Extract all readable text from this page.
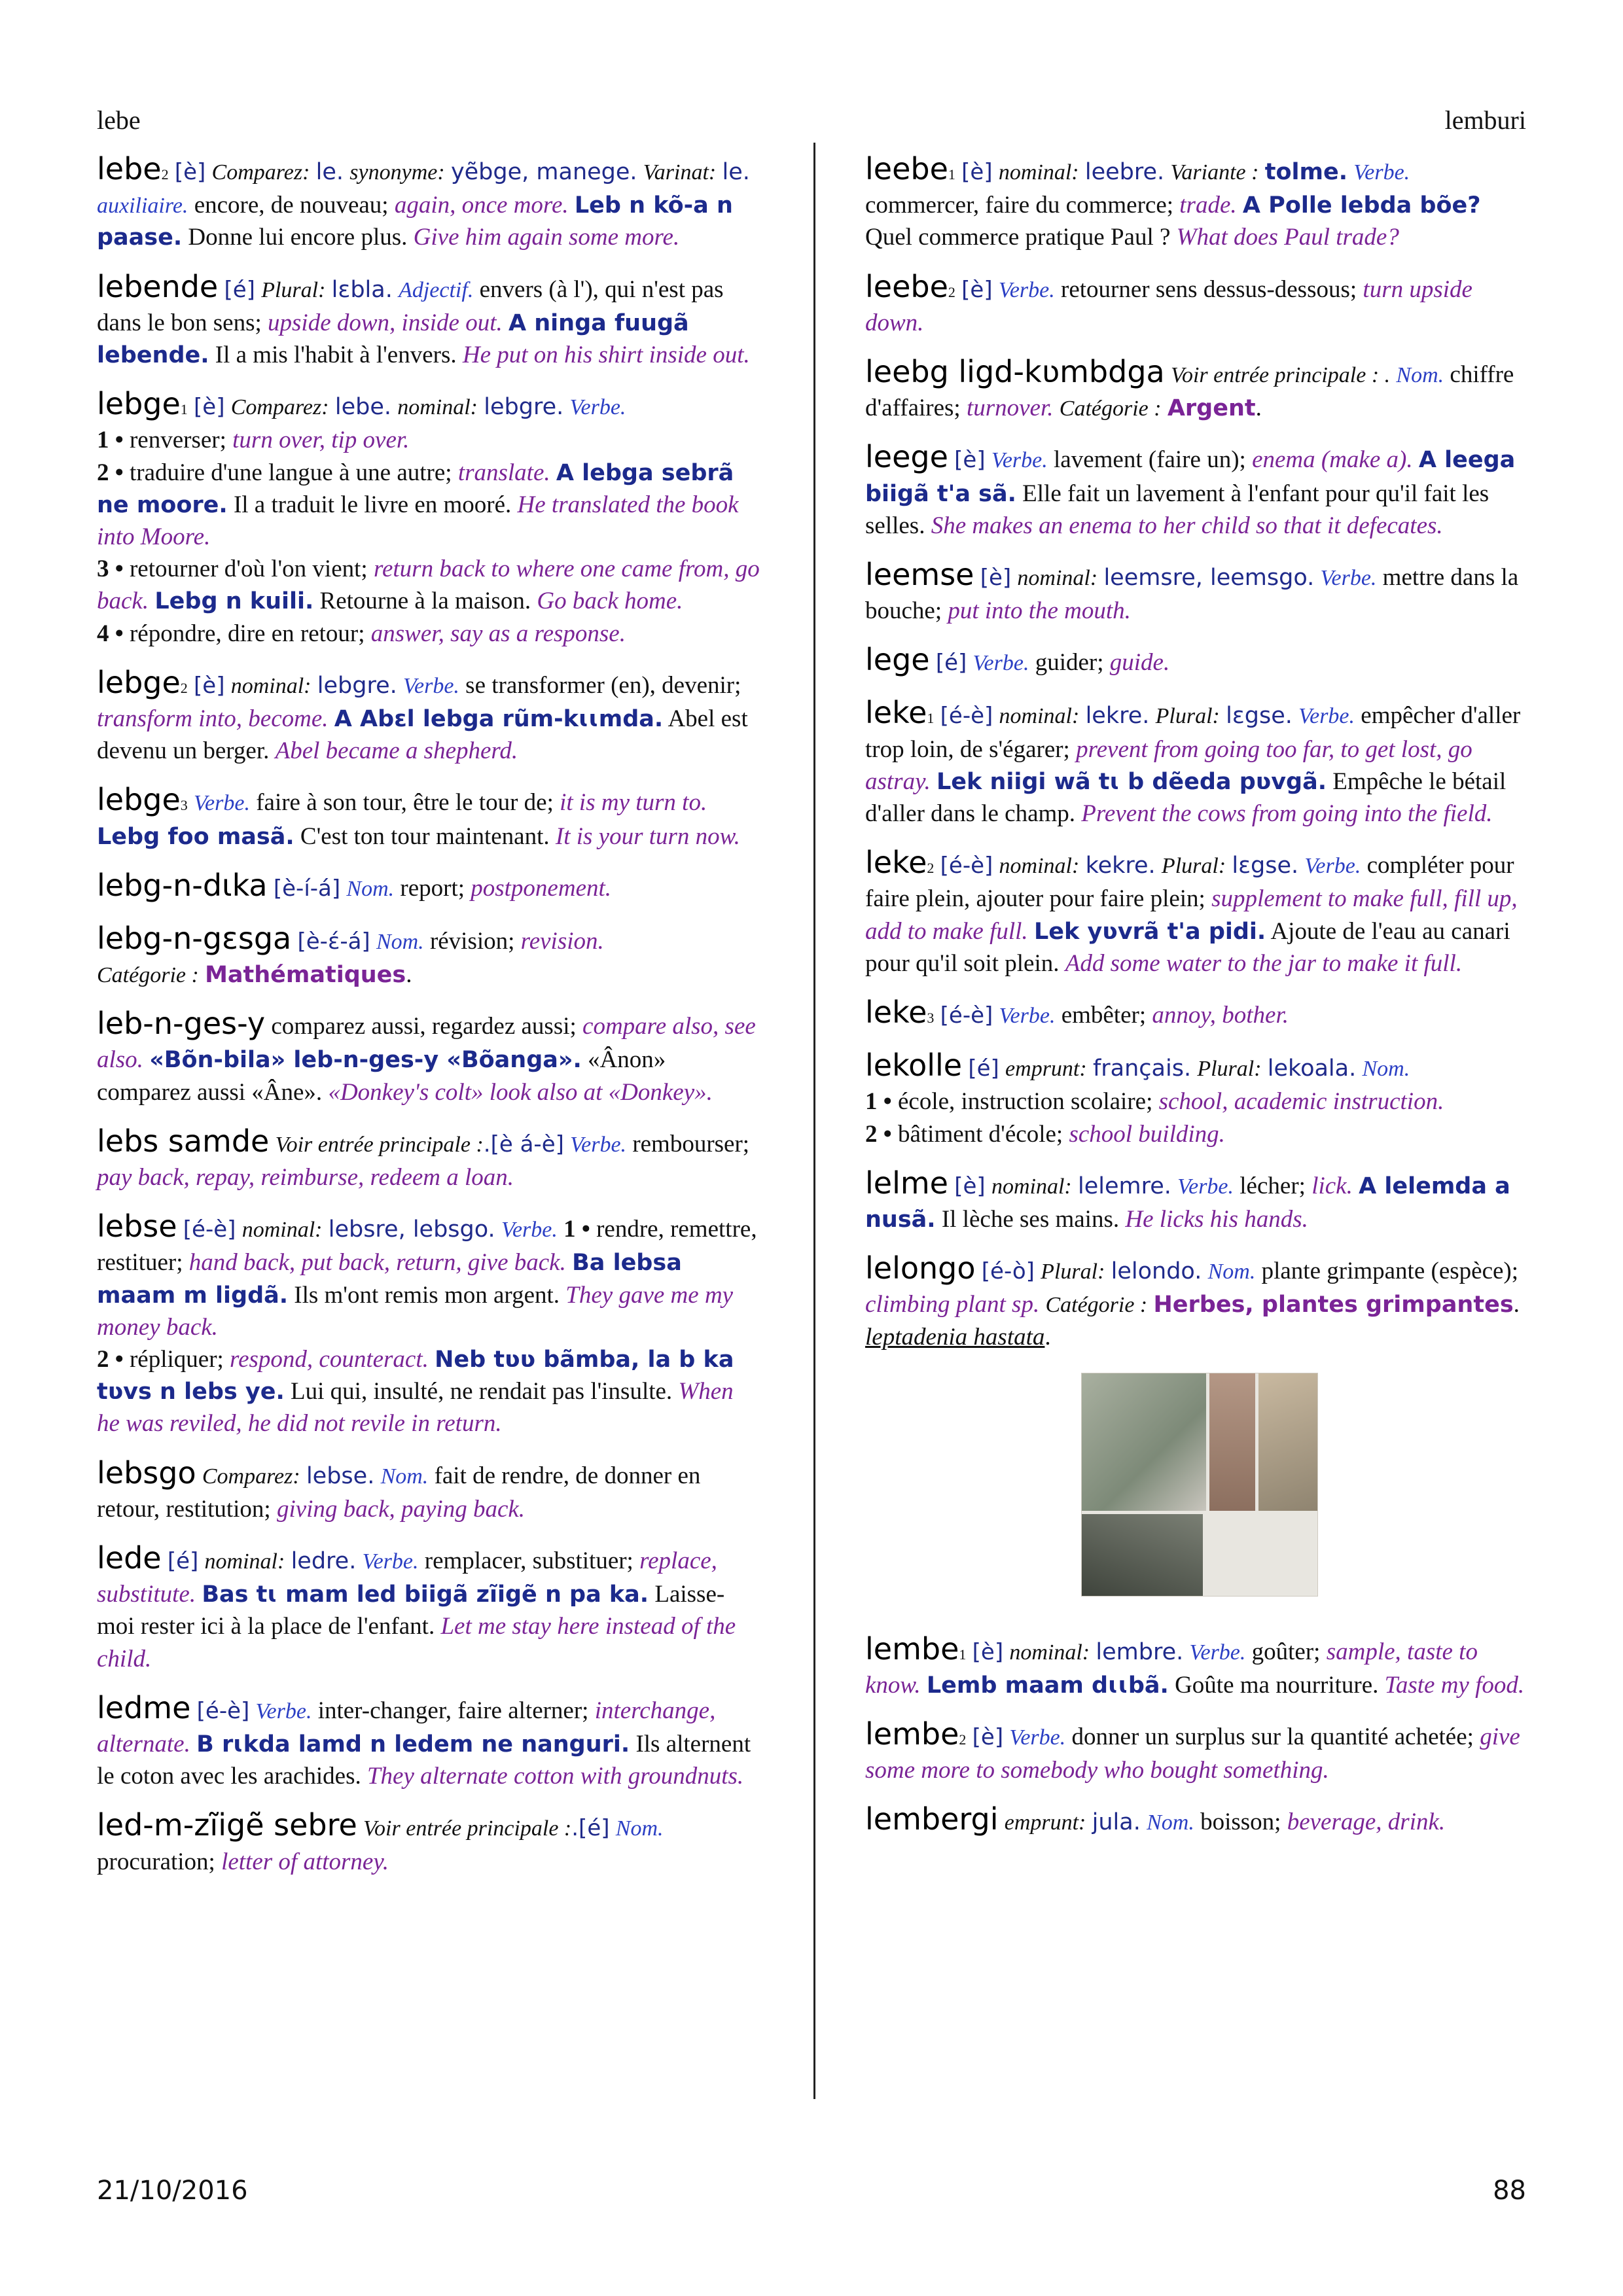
lebe	lemburi
lebe2 [è] Comparez: le. synonyme: yẽbge, manege. Varinat: le. auxiliaire. encore, de nouveau; again, once more. Leb n kõ-a n paase. Donne lui encore plus. Give him again some more.
lebende [é] Plural: lɛbla. Adjectif. envers (à l'), qui n'est pas dans le bon sens; upside down, inside out. A ninga fuugã lebende. Il a mis l'habit à l'envers. He put on his shirt inside out.
lebge1 [è] Comparez: lebe. nominal: lebgre. Verbe.
1 • renverser; turn over, tip over.
2 • traduire d'une langue à une autre; translate. A lebga sebrã ne moore. Il a traduit le livre en mooré. He translated the book into Moore.
3 • retourner d'où l'on vient; return back to where one came from, go back. Lebg n kuili. Retourne à la maison. Go back home.
4 • répondre, dire en retour; answer, say as a response.
lebge2 [è] nominal: lebgre. Verbe. se transformer (en), devenir; transform into, become. A Abɛl lebga rũm-kɩɩmda. Abel est devenu un berger. Abel became a shepherd.
lebge3 Verbe. faire à son tour, être le tour de; it is my turn to. Lebg foo masã. C'est ton tour maintenant. It is your turn now.
lebg-n-dɩka [è-í-á] Nom. report; postponement.
lebg-n-gɛsga [è-ɛ́-á] Nom. révision; revision.
Catégorie : Mathématiques.
leb-n-ges-y comparez aussi, regardez aussi; compare also, see also. «Bõn-bila» leb-n-ges-y «Bõanga». «Ânon» comparez aussi «Âne». «Donkey's colt» look also at «Donkey».
lebs samde Voir entrée principale :.[è á-è] Verbe. rembourser; pay back, repay, reimburse, redeem a loan.
lebse [é-è] nominal: lebsre, lebsgo. Verbe. 1 • rendre, remettre, restituer; hand back, put back, return, give back. Ba lebsa maam m ligdã. Ils m'ont remis mon argent. They gave me my money back.
2 • répliquer; respond, counteract. Neb tʋʋ bãmba, la b ka tʋvs n lebs ye. Lui qui, insulté, ne rendait pas l'insulte. When he was reviled, he did not revile in return.
lebsgo Comparez: lebse. Nom. fait de rendre, de donner en retour, restitution; giving back, paying back.
lede [é] nominal: ledre. Verbe. remplacer, substituer; replace, substitute. Bas tɩ mam led biigã zĩigẽ n pa ka. Laisse-moi rester ici à la place de l'enfant. Let me stay here instead of the child.
ledme [é-è] Verbe. inter-changer, faire alterner; interchange, alternate. B rɩkda lamd n ledem ne nanguri. Ils alternent le coton avec les arachides. They alternate cotton with groundnuts.
led-m-zĩigẽ sebre Voir entrée principale :.[é] Nom. procuration; letter of attorney.
leebe1 [è] nominal: leebre. Variante : tolme. Verbe. commercer, faire du commerce; trade. A Polle lebda bõe? Quel commerce pratique Paul ? What does Paul trade?
leebe2 [è] Verbe. retourner sens dessus-dessous; turn upside down.
leebg ligd-kʋmbdga Voir entrée principale : . Nom. chiffre d'affaires; turnover. Catégorie : Argent.
leege [è] Verbe. lavement (faire un); enema (make a). A leega biigã t'a sã. Elle fait un lavement à l'enfant pour qu'il fait les selles. She makes an enema to her child so that it defecates.
leemse [è] nominal: leemsre, leemsgo. Verbe. mettre dans la bouche; put into the mouth.
lege [é] Verbe. guider; guide.
leke1 [é-è] nominal: lekre. Plural: lɛgse. Verbe. empêcher d'aller trop loin, de s'égarer; prevent from going too far, to get lost, go astray. Lek niigi wã tɩ b dẽeda pʋvgã. Empêche le bétail d'aller dans le champ. Prevent the cows from going into the field.
leke2 [é-è] nominal: kekre. Plural: lɛgse. Verbe. compléter pour faire plein, ajouter pour faire plein; supplement to make full, fill up, add to make full. Lek yʋvrã t'a pidi. Ajoute de l'eau au canari pour qu'il soit plein. Add some water to the jar to make it full.
leke3 [é-è] Verbe. embêter; annoy, bother.
lekolle [é] emprunt: français. Plural: lekoala. Nom.
1 • école, instruction scolaire; school, academic instruction.
2 • bâtiment d'école; school building.
lelme [è] nominal: lelemre. Verbe. lécher; lick. A lelemda a nusã. Il lèche ses mains. He licks his hands.
lelongo [é-ò] Plural: lelondo. Nom. plante grimpante (espèce); climbing plant sp. Catégorie : Herbes, plantes grimpantes. leptadenia hastata.
lembe1 [è] nominal: lembre. Verbe. goûter; sample, taste to know. Lemb maam dɩɩbã. Goûte ma nourriture. Taste my food.
lembe2 [è] Verbe. donner un surplus sur la quantité achetée; give some more to somebody who bought something.
lembergi emprunt: jula. Nom. boisson; beverage, drink.
21/10/2016	88
